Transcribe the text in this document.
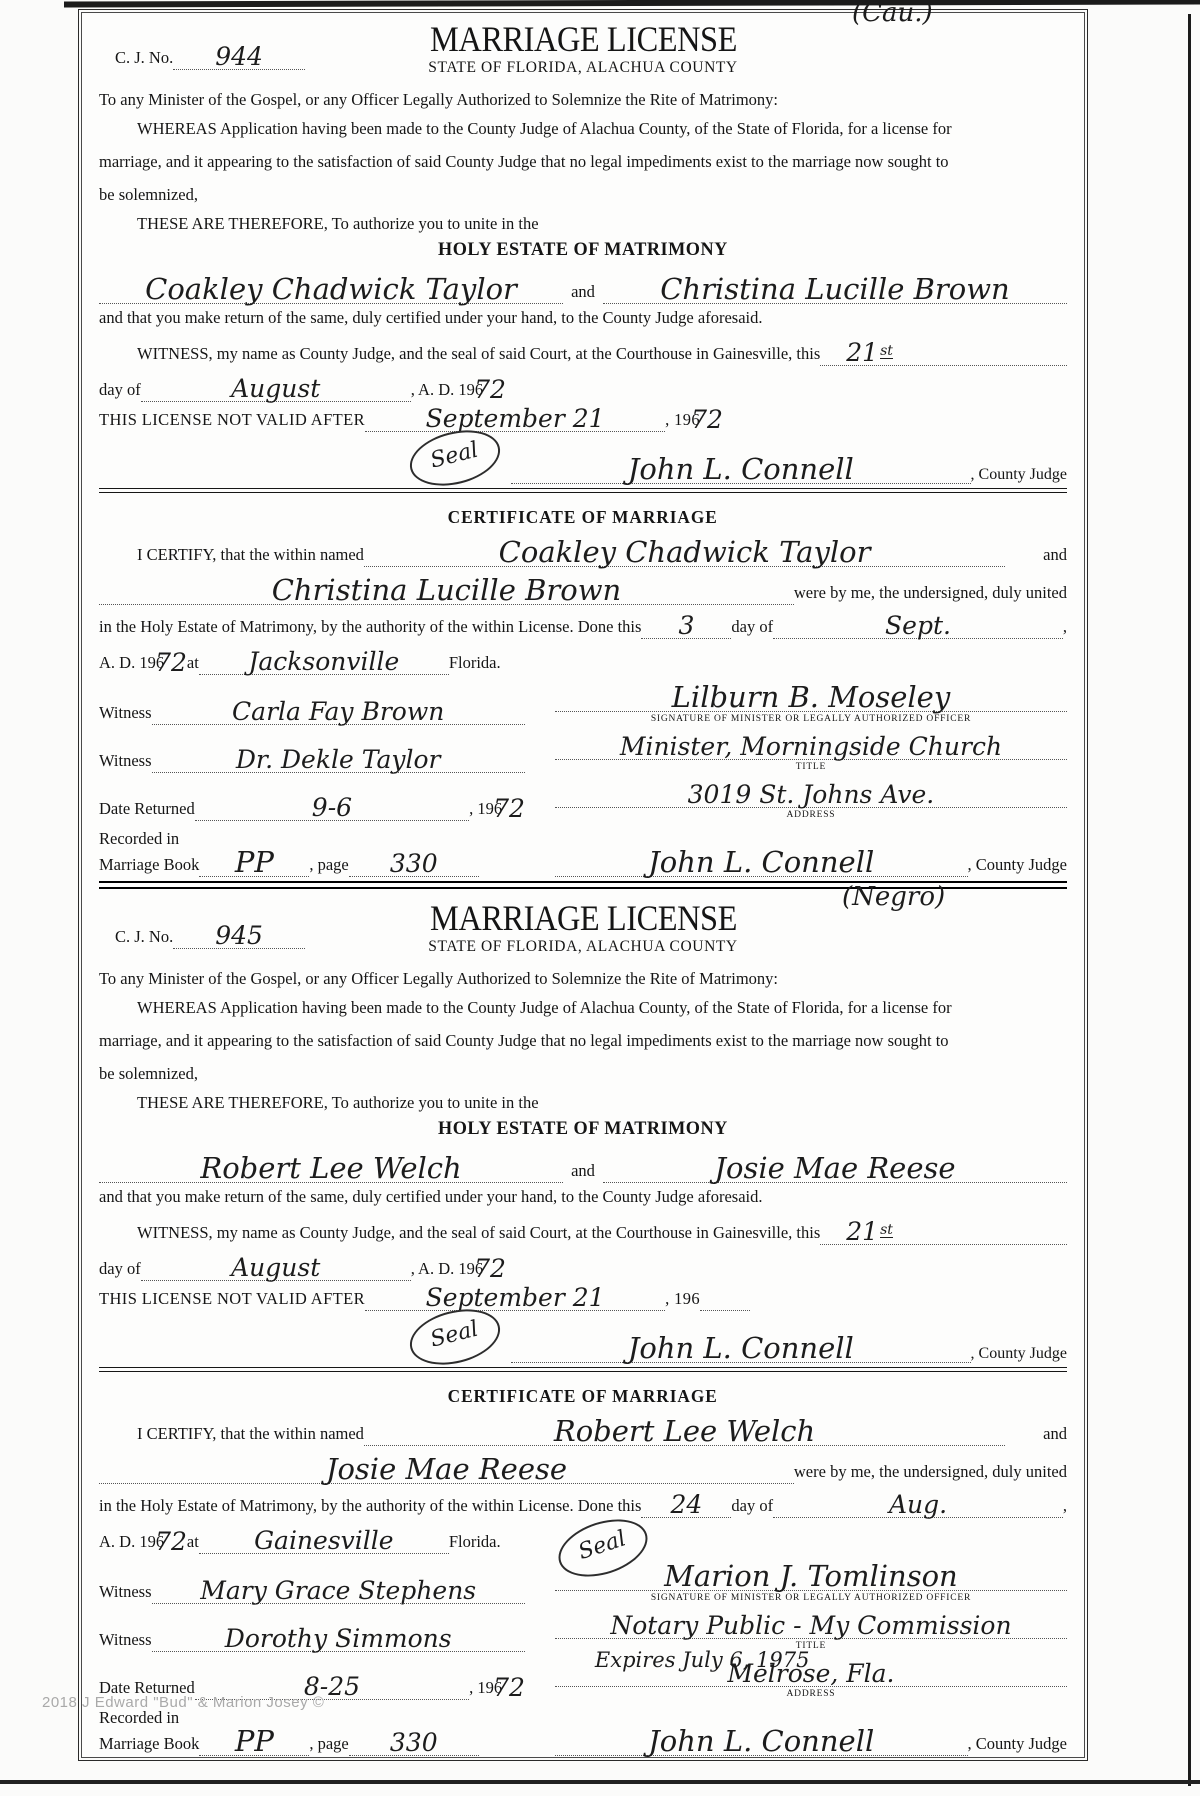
(Cau.)
(Negro)
2018 J Edward "Bud" & Marion Josey ©
C. J. No.	944	MARRIAGE LICENSE
STATE OF FLORIDA, ALACHUA COUNTY
To any Minister of the Gospel, or any Officer Legally Authorized to Solemnize the Rite of Matrimony:
WHEREAS Application having been made to the County Judge of Alachua County, of the State of Florida, for a license for
marriage, and it appearing to the satisfaction of said County Judge that no legal impediments exist to the marriage now sought to
be solemnized,
THESE ARE THEREFORE, To authorize you to unite in the
HOLY ESTATE OF MATRIMONY
Coakley Chadwick Taylor	and	Christina Lucille Brown
and that you make return of the same, duly certified under your hand, to the County Judge aforesaid.
WITNESS, my name as County Judge, and the seal of said Court, at the Courthouse in Gainesville, this	21 st
day of	August	, A. D. 196
72
THIS LICENSE NOT VALID AFTER	September 21	, 196
72
Seal	John L. Connell	, County Judge
CERTIFICATE OF MARRIAGE
I CERTIFY, that the within named	Coakley Chadwick Taylor	and
Christina Lucille Brown	were by me, the undersigned, duly united
in the Holy Estate of Matrimony, by the authority of the within License. Done this	3	day of	Sept.	,
A. D. 196
72 at	Jacksonville	Florida.
Witness	Carla Fay Brown	Lilburn B. Moseley
SIGNATURE OF MINISTER OR LEGALLY AUTHORIZED OFFICER
Witness	Dr. Dekle Taylor	Minister, Morningside Church
TITLE
Date Returned	9-6	, 196
72	3019 St. Johns Ave.
ADDRESS
Recorded in
Marriage Book	PP	, page	330	John L. Connell	, County Judge
C. J. No.	945	MARRIAGE LICENSE
STATE OF FLORIDA, ALACHUA COUNTY
To any Minister of the Gospel, or any Officer Legally Authorized to Solemnize the Rite of Matrimony:
WHEREAS Application having been made to the County Judge of Alachua County, of the State of Florida, for a license for
marriage, and it appearing to the satisfaction of said County Judge that no legal impediments exist to the marriage now sought to
be solemnized,
THESE ARE THEREFORE, To authorize you to unite in the
HOLY ESTATE OF MATRIMONY
Robert Lee Welch	and	Josie Mae Reese
and that you make return of the same, duly certified under your hand, to the County Judge aforesaid.
WITNESS, my name as County Judge, and the seal of said Court, at the Courthouse in Gainesville, this	21 st
day of	August	, A. D. 196
72
THIS LICENSE NOT VALID AFTER	September 21	, 196
Seal	John L. Connell	, County Judge
CERTIFICATE OF MARRIAGE
I CERTIFY, that the within named	Robert Lee Welch	and
Josie Mae Reese	were by me, the undersigned, duly united
in the Holy Estate of Matrimony, by the authority of the within License. Done this	24	day of	Aug.	,
A. D. 196
72 at	Gainesville	Florida.	Seal
Witness	Mary Grace Stephens	Marion J. Tomlinson
SIGNATURE OF MINISTER OR LEGALLY AUTHORIZED OFFICER
Witness	Dorothy Simmons	Notary Public - My Commission
TITLE
Expires July 6, 1975
Date Returned	8-25	, 196
72	Melrose, Fla.
ADDRESS
Recorded in
Marriage Book	PP	, page	330	John L. Connell	, County Judge
